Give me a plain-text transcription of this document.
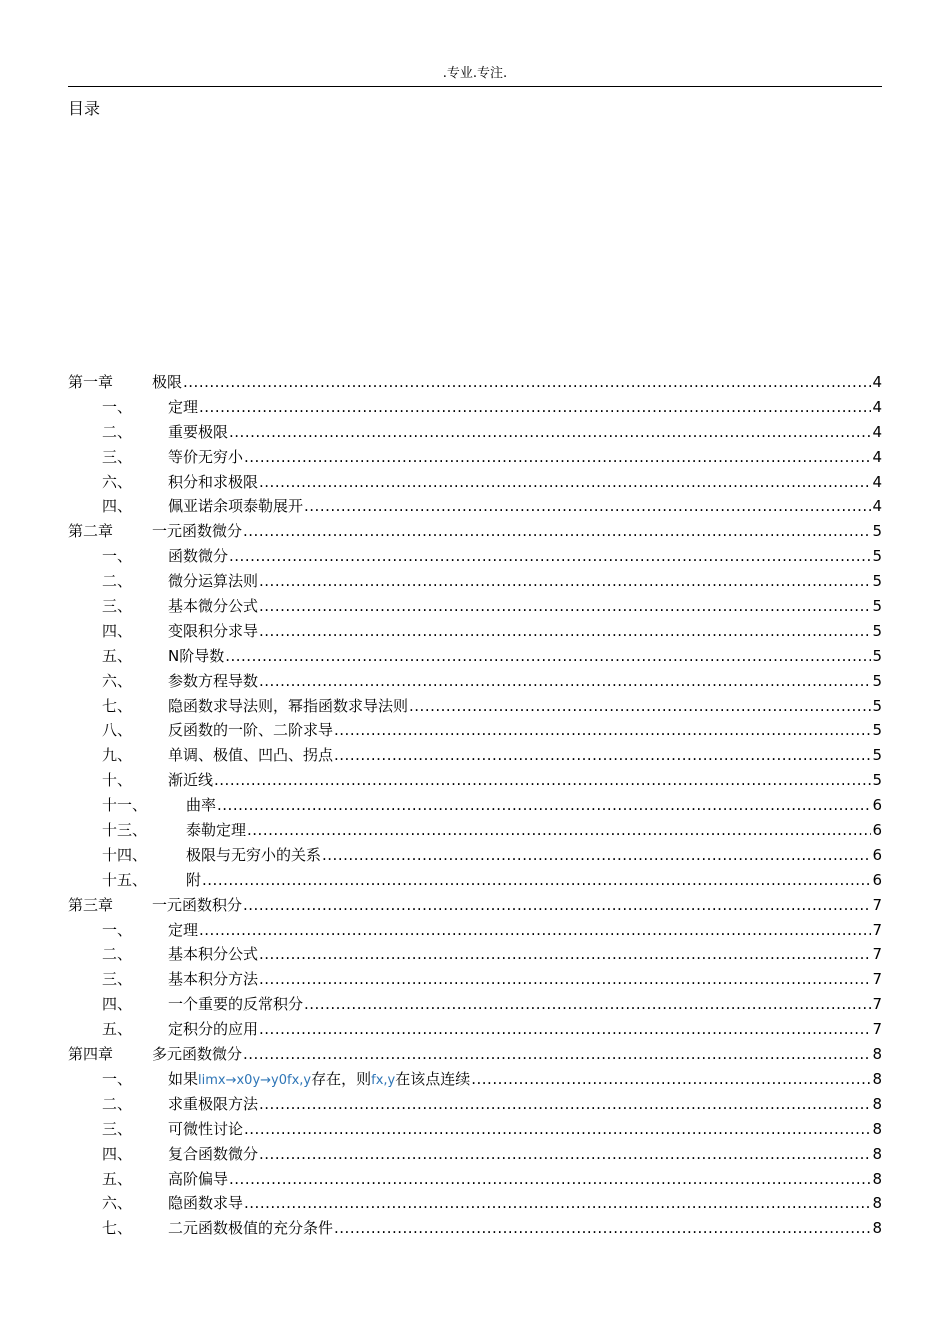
.专业.专注.
目录
第一章	极限 .....	4
一、	定理 .....	4
二、	重要极限 .....	4
三、	等价无穷小 .....	4
六、	积分和求极限 .....	4
四、	佩亚诺余项泰勒展开 .....	4
第二章	一元函数微分 .....	5
一、	函数微分 .....	5
二、	微分运算法则 .....	5
三、	基本微分公式 .....	5
四、	变限积分求导 .....	5
五、	N阶导数 .....	5
六、	参数方程导数 .....	5
七、	隐函数求导法则，幂指函数求导法则 .....	5
八、	反函数的一阶、二阶求导 .....	5
九、	单调、极值、凹凸、拐点 .....	5
十、	渐近线 .....	5
十一、	曲率 .....	6
十三、	泰勒定理 .....	6
十四、	极限与无穷小的关系 .....	6
十五、	附 .....	6
第三章	一元函数积分 .....	7
一、	定理 .....	7
二、	基本积分公式 .....	7
三、	基本积分方法 .....	7
四、	一个重要的反常积分 .....	7
五、	定积分的应用 .....	7
第四章	多元函数微分 .....	8
一、	如果limx→x0y→y0fx,y存在，则fx,y在该点连续 .....	8
二、	求重极限方法 .....	8
三、	可微性讨论 .....	8
四、	复合函数微分 .....	8
五、	高阶偏导 .....	8
六、	隐函数求导 .....	8
七、	二元函数极值的充分条件 .....	8
